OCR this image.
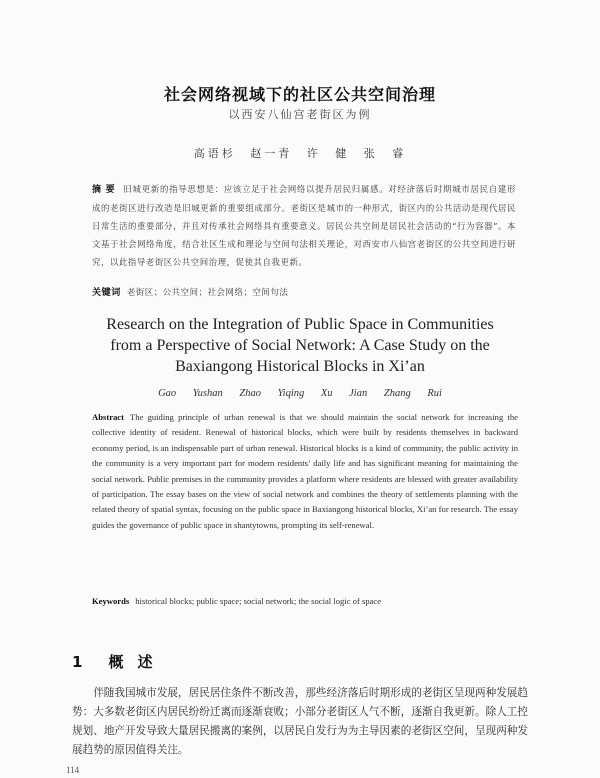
社会网络视域下的社区公共空间治理
以西安八仙宫老街区为例
高语杉 赵一青 许 健 张 睿
摘 要 旧城更新的指导思想是：应该立足于社会网络以提升居民归属感。对经济落后时期城市居民自建形成的老街区进行改造是旧城更新的重要组成部分。老街区是城市的一种形式，街区内的公共活动是现代居民日常生活的重要部分，并且对传承社会网络具有重要意义。居民公共空间是居民社会活动的“行为容器”。本文基于社会网络角度，结合社区生成和理论与空间句法相关理论，对西安市八仙宫老街区的公共空间进行研究，以此指导老街区公共空间治理，促使其自我更新。
关键词 老街区；公共空间；社会网络；空间句法
Research on the Integration of Public Space in Communities
from a Perspective of Social Network: A Case Study on the
Baxiangong Historical Blocks in Xi’an
Gao Yushan Zhao Yiqing Xu Jian Zhang Rui
Abstract The guiding principle of urban renewal is that we should maintain the social network for increasing the collective identity of resident. Renewal of historical blocks, which were built by residents themselves in backward economy period, is an indispensable part of urban renewal. Historical blocks is a kind of community, the public activity in the community is a very important part for modern residents’ daily life and has significant meaning for maintaining the social network. Public premises in the community provides a platform where residents are blessed with greater availability of participation. The essay bases on the view of social network and combines the theory of settlements planning with the related theory of spatial syntax, focusing on the public space in Baxiangong historical blocks, Xi’an for research. The essay guides the governance of public space in shantytowns, prompting its self-renewal.
Keywords historical blocks; public space; social network; the social logic of space
1 概述
伴随我国城市发展，居民居住条件不断改善，那些经济落后时期形成的老街区呈现两种发展趋势：大多数老街区内居民纷纷迁离而逐渐衰败；小部分老街区人气不断，逐渐自我更新。除人工控规划、地产开发导致大量居民搬离的案例，以居民自发行为为主导因素的老街区空间，呈现两种发展趋势的原因值得关注。
114
